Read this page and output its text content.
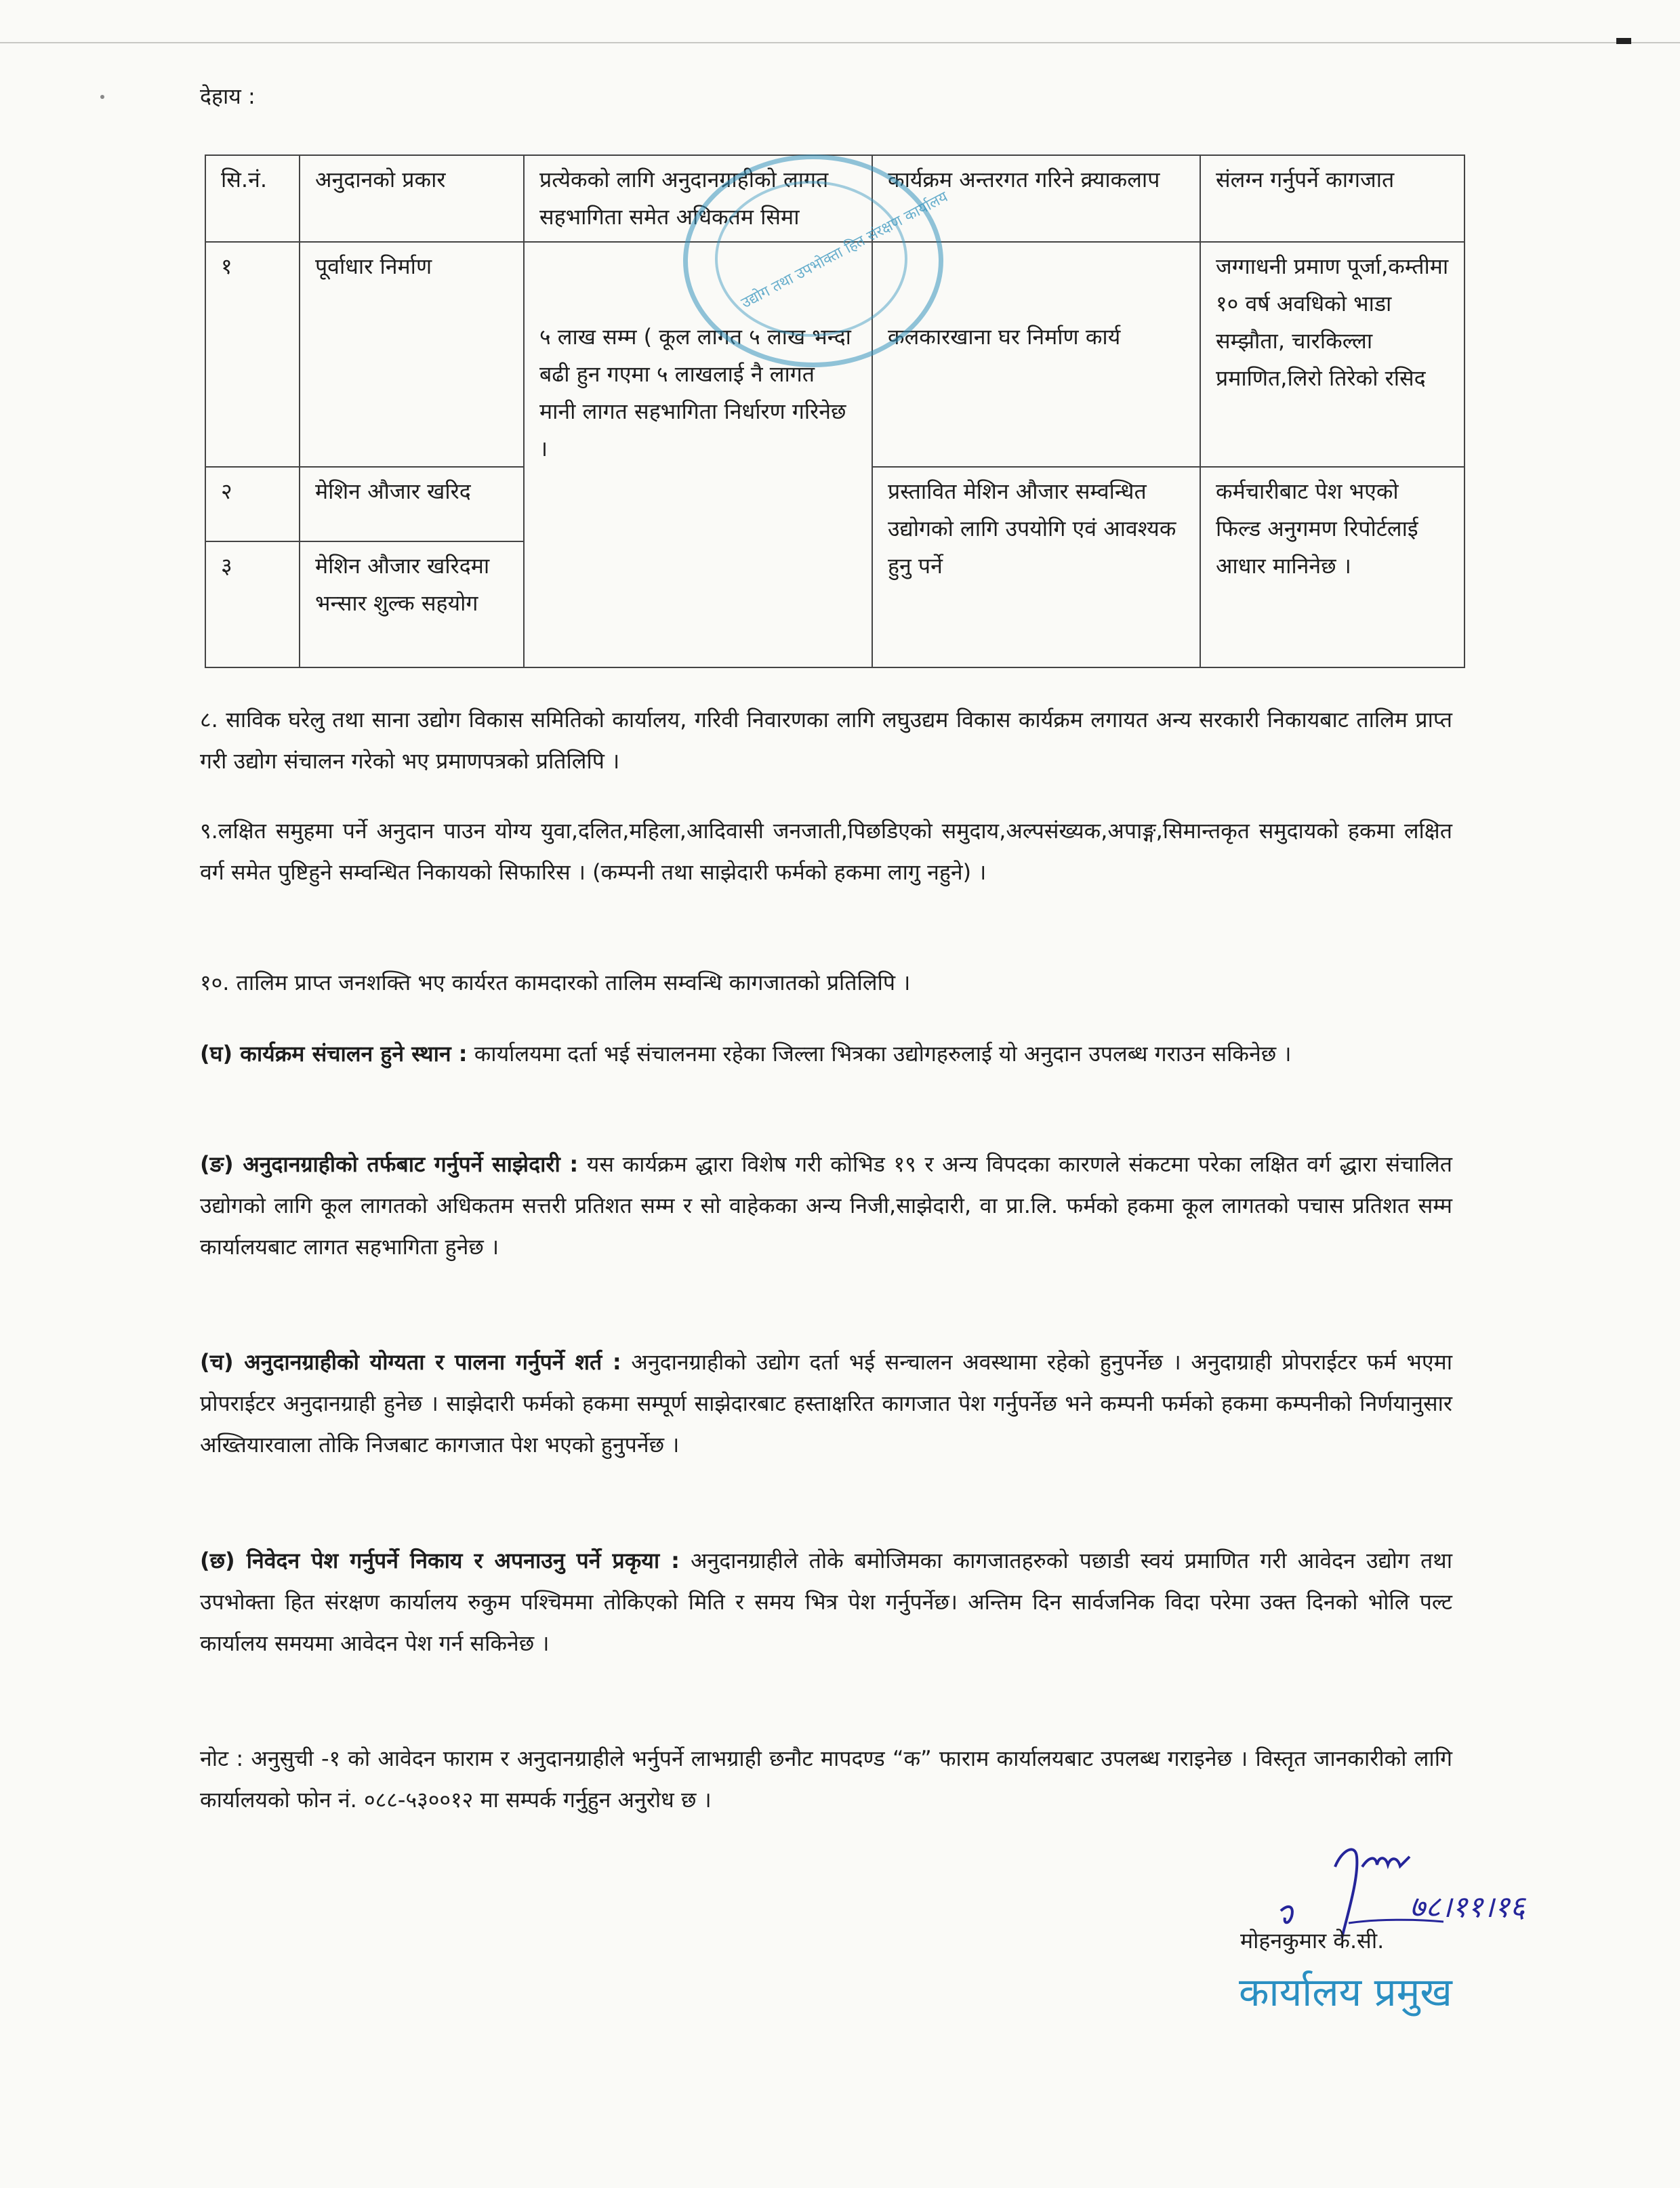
देहाय :
सि.नं.	अनुदानको प्रकार	प्रत्येकको लागि अनुदानग्राहीको लागत सहभागिता समेत अधिकतम सिमा	कार्यक्रम अन्तरगत गरिने क्र्याकलाप	संलग्न गर्नुपर्ने कागजात
१	पूर्वाधार निर्माण	५ लाख सम्म ( कूल लागत ५ लाख भन्दा बढी हुन गएमा ५ लाखलाई नै लागत मानी लागत सहभागिता निर्धारण गरिनेछ ।	कलकारखाना घर निर्माण कार्य	जग्गाधनी प्रमाण पूर्जा,कम्तीमा १० वर्ष अवधिको भाडा सम्झौता, चारकिल्ला प्रमाणित,लिरो तिरेको रसिद
२	मेशिन औजार खरिद		प्रस्तावित मेशिन औजार सम्वन्धित उद्योगको लागि उपयोगि एवं आवश्यक हुनु पर्ने	कर्मचारीबाट पेश भएको फिल्ड अनुगमण रिपोर्टलाई आधार मानिनेछ ।
३	मेशिन औजार खरिदमा भन्सार शुल्क सहयोग			
उद्योग तथा उपभोक्ता हित संरक्षण कार्यालय
८. साविक घरेलु तथा साना उद्योग विकास समितिको कार्यालय, गरिवी निवारणका लागि लघुउद्यम विकास कार्यक्रम लगायत अन्य सरकारी निकायबाट तालिम प्राप्त गरी उद्योग संचालन गरेको भए प्रमाणपत्रको प्रतिलिपि ।
९.लक्षित समुहमा पर्ने अनुदान पाउन योग्य युवा,दलित,महिला,आदिवासी जनजाती,पिछडिएको समुदाय,अल्पसंख्यक,अपाङ्ग,सिमान्तकृत समुदायको हकमा लक्षित वर्ग समेत पुष्टिहुने सम्वन्धित निकायको सिफारिस । (कम्पनी तथा साझेदारी फर्मको हकमा लागु नहुने) ।
१०. तालिम प्राप्त जनशक्ति भए कार्यरत कामदारको तालिम सम्वन्धि कागजातको प्रतिलिपि ।
(घ) कार्यक्रम संचालन हुने स्थान : कार्यालयमा दर्ता भई संचालनमा रहेका जिल्ला भित्रका उद्योगहरुलाई यो अनुदान उपलब्ध गराउन सकिनेछ ।
(ङ) अनुदानग्राहीको तर्फबाट गर्नुपर्ने साझेदारी : यस कार्यक्रम द्धारा विशेष गरी कोभिड १९ र अन्य विपदका कारणले संकटमा परेका लक्षित वर्ग द्धारा संचालित उद्योगको लागि कूल लागतको अधिकतम सत्तरी प्रतिशत सम्म र सो वाहेकका अन्य निजी,साझेदारी, वा प्रा.लि. फर्मको हकमा कूल लागतको पचास प्रतिशत सम्म कार्यालयबाट लागत सहभागिता हुनेछ ।
(च) अनुदानग्राहीको योग्यता र पालना गर्नुपर्ने शर्त : अनुदानग्राहीको उद्योग दर्ता भई सन्चालन अवस्थामा रहेको हुनुपर्नेछ । अनुदाग्राही प्रोपराईटर फर्म भएमा प्रोपराईटर अनुदानग्राही हुनेछ । साझेदारी फर्मको हकमा सम्पूर्ण साझेदारबाट हस्ताक्षरित कागजात पेश गर्नुपर्नेछ भने कम्पनी फर्मको हकमा कम्पनीको निर्णयानुसार अख्तियारवाला तोकि निजबाट कागजात पेश भएको हुनुपर्नेछ ।
(छ) निवेदन पेश गर्नुपर्ने निकाय र अपनाउनु पर्ने प्रकृया : अनुदानग्राहीले तोके बमोजिमका कागजातहरुको पछाडी स्वयं प्रमाणित गरी आवेदन उद्योग तथा उपभोक्ता हित संरक्षण कार्यालय रुकुम पश्चिममा तोकिएको मिति र समय भित्र पेश गर्नुपर्नेछ। अन्तिम दिन सार्वजनिक विदा परेमा उक्त दिनको भोलि पल्ट कार्यालय समयमा आवेदन पेश गर्न सकिनेछ ।
नोट : अनुसुची -१ को आवेदन फाराम र अनुदानग्राहीले भर्नुपर्ने लाभग्राही छनौट मापदण्ड “क” फाराम कार्यालयबाट उपलब्ध गराइनेछ । विस्तृत जानकारीको लागि कार्यालयको फोन नं. ०८८-५३००१२ मा सम्पर्क गर्नुहुन अनुरोध छ ।
७८।११।१६
मोहनकुमार के.सी.
कार्यालय प्रमुख
